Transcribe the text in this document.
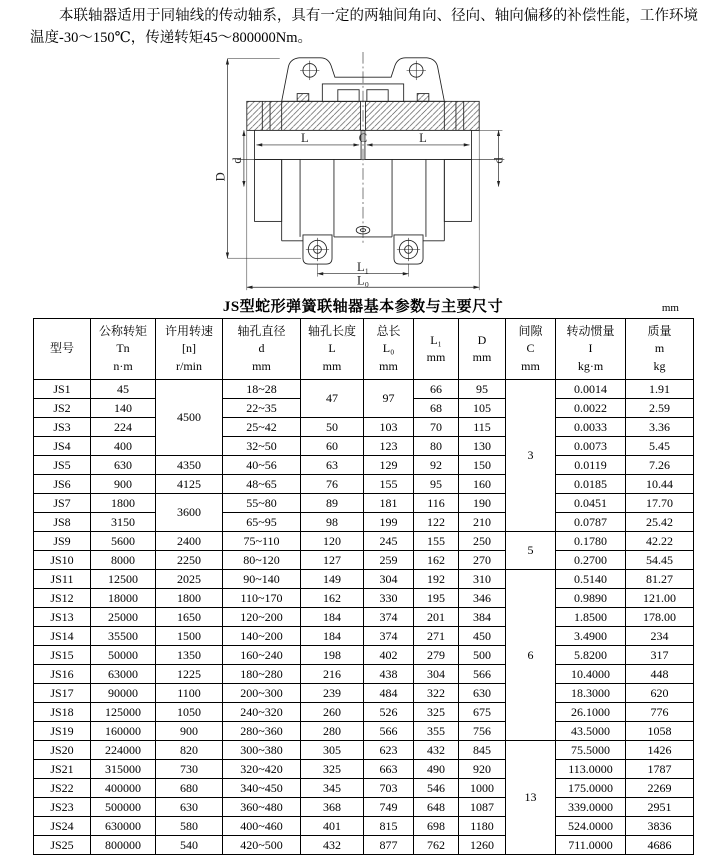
本联轴器适用于同轴线的传动轴系，具有一定的两轴间角向、径向、轴向偏移的补偿性能，工作环境温度-30～150℃，传递转矩45～800000Nm。

D
d	d
L	C	L
L₁
L₀
JS型蛇形弹簧联轴器基本参数与主要尺寸	mm
型号

公称转矩
Tn
n·m

许用转速
[n]
r/min

轴孔直径
d
mm

轴孔长度
L
mm

总长
L₀
mm

L₁
mm

D
mm

间隙
C
mm

转动惯量
I
kg·m

质量
m
kg

JS1	45	4500	18~28	47	97	66	95	3	0.0014	1.91
JS2	140		22~35			68	105		0.0022	2.59
JS3	224		25~42	50	103	70	115		0.0033	3.36
JS4	400		32~50	60	123	80	130		0.0073	5.45
JS5	630	4350	40~56	63	129	92	150		0.0119	7.26
JS6	900	4125	48~65	76	155	95	160		0.0185	10.44
JS7	1800	3600	55~80	89	181	116	190		0.0451	17.70
JS8	3150		65~95	98	199	122	210		0.0787	25.42
JS9	5600	2400	75~110	120	245	155	250	5	0.1780	42.22
JS10	8000	2250	80~120	127	259	162	270		0.2700	54.45
JS11	12500	2025	90~140	149	304	192	310	6	0.5140	81.27
JS12	18000	1800	110~170	162	330	195	346		0.9890	121.00
JS13	25000	1650	120~200	184	374	201	384		1.8500	178.00
JS14	35500	1500	140~200	184	374	271	450		3.4900	234
JS15	50000	1350	160~240	198	402	279	500		5.8200	317
JS16	63000	1225	180~280	216	438	304	566		10.4000	448
JS17	90000	1100	200~300	239	484	322	630		18.3000	620
JS18	125000	1050	240~320	260	526	325	675		26.1000	776
JS19	160000	900	280~360	280	566	355	756		43.5000	1058
JS20	224000	820	300~380	305	623	432	845	13	75.5000	1426
JS21	315000	730	320~420	325	663	490	920		113.0000	1787
JS22	400000	680	340~450	345	703	546	1000		175.0000	2269
JS23	500000	630	360~480	368	749	648	1087		339.0000	2951
JS24	630000	580	400~460	401	815	698	1180		524.0000	3836
JS25	800000	540	420~500	432	877	762	1260		711.0000	4686
